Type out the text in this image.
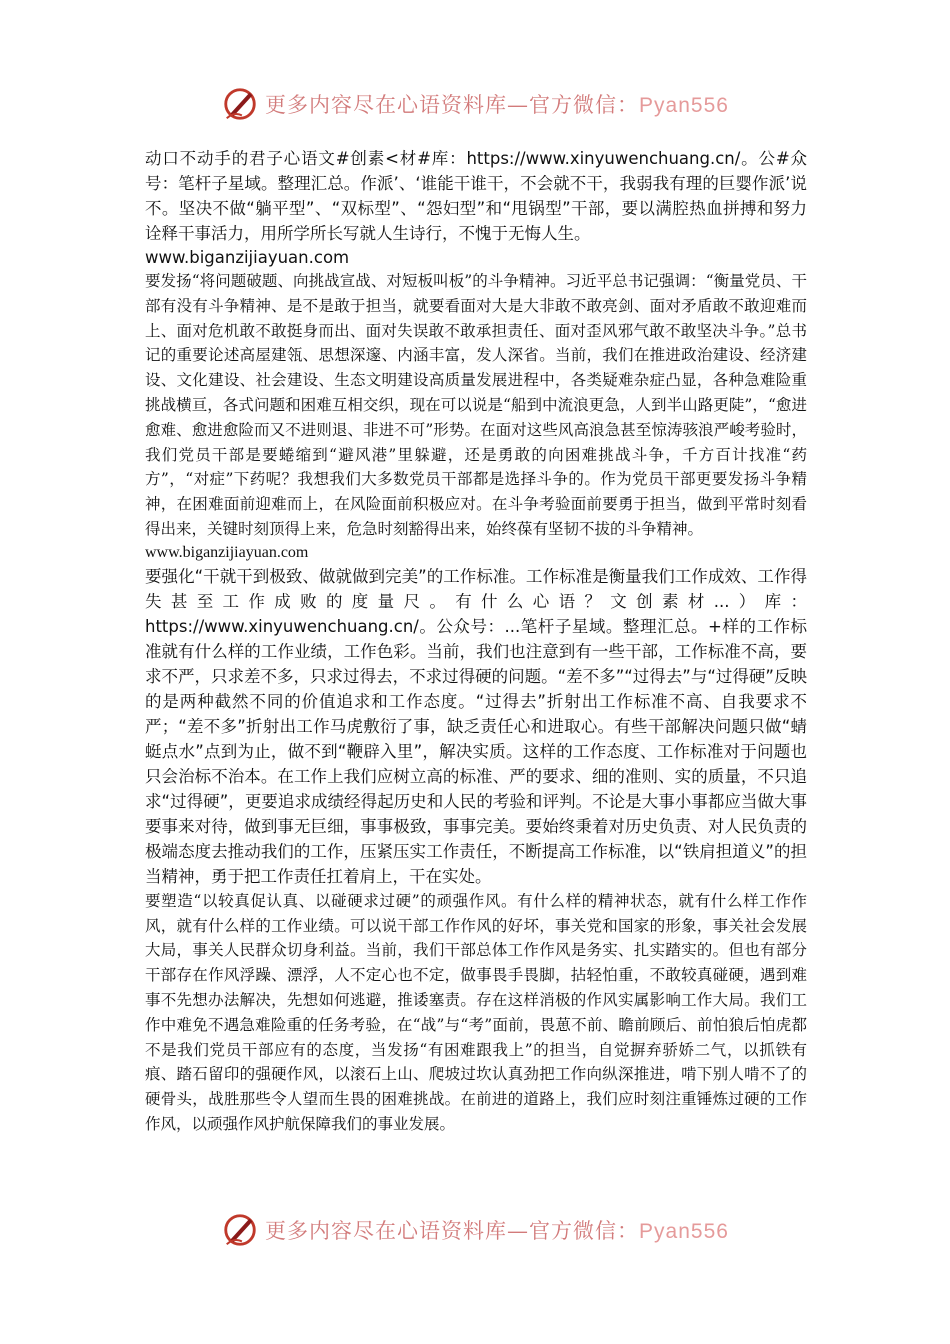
更多内容尽在心语资料库—官方微信：Pyan556

动口不动手的君子心语文#创素<材#库：https://www.xinyuwenchuang.cn/。公#众号：笔杆子星域。整理汇总。作派’、‘谁能干谁干，不会就不干，我弱我有理的巨婴作派’说不。坚决不做“躺平型”、“双标型”、“怨妇型”和“甩锅型”干部，要以满腔热血拼搏和努力诠释干事活力，用所学所长写就人生诗行，不愧于无悔人生。

www.biganzijiayuan.com

要发扬“将问题破题、向挑战宣战、对短板叫板”的斗争精神。习近平总书记强调：“衡量党员、干部有没有斗争精神、是不是敢于担当，就要看面对大是大非敢不敢亮剑、面对矛盾敢不敢迎难而上、面对危机敢不敢挺身而出、面对失误敢不敢承担责任、面对歪风邪气敢不敢坚决斗争。”总书记的重要论述高屋建瓴、思想深邃、内涵丰富，发人深省。当前，我们在推进政治建设、经济建设、文化建设、社会建设、生态文明建设高质量发展进程中，各类疑难杂症凸显，各种急难险重挑战横亘，各式问题和困难互相交织，现在可以说是“船到中流浪更急，人到半山路更陡”，“愈进愈难、愈进愈险而又不进则退、非进不可”形势。在面对这些风高浪急甚至惊涛骇浪严峻考验时，我们党员干部是要蜷缩到“避风港”里躲避，还是勇敢的向困难挑战斗争，千方百计找准“药方”，“对症”下药呢？我想我们大多数党员干部都是选择斗争的。作为党员干部更要发扬斗争精神，在困难面前迎难而上，在风险面前积极应对。在斗争考验面前要勇于担当，做到平常时刻看得出来，关键时刻顶得上来，危急时刻豁得出来，始终葆有坚韧不拔的斗争精神。

www.biganzijiayuan.com

要强化“干就干到极致、做就做到完美”的工作标准。工作标准是衡量我们工作成效、工作得失甚至工作成败的度量尺。有什么心语？文创素材...）库：https://www.xinyuwenchuang.cn/。公众号：...笔杆子星域。整理汇总。+样的工作标准就有什么样的工作业绩，工作色彩。当前，我们也注意到有一些干部，工作标准不高，要求不严，只求差不多，只求过得去，不求过得硬的问题。“差不多”“过得去”与“过得硬”反映的是两种截然不同的价值追求和工作态度。“过得去”折射出工作标准不高、自我要求不严；“差不多”折射出工作马虎敷衍了事，缺乏责任心和进取心。有些干部解决问题只做“蜻蜓点水”点到为止，做不到“鞭辟入里”，解决实质。这样的工作态度、工作标准对于问题也只会治标不治本。在工作上我们应树立高的标准、严的要求、细的准则、实的质量，不只追求“过得硬”，更要追求成绩经得起历史和人民的考验和评判。不论是大事小事都应当做大事要事来对待，做到事无巨细，事事极致，事事完美。要始终秉着对历史负责、对人民负责的极端态度去推动我们的工作，压紧压实工作责任，不断提高工作标准，以“铁肩担道义”的担当精神，勇于把工作责任扛着肩上，干在实处。

要塑造“以较真促认真、以碰硬求过硬”的顽强作风。有什么样的精神状态，就有什么样工作作风，就有什么样的工作业绩。可以说干部工作作风的好坏，事关党和国家的形象，事关社会发展大局，事关人民群众切身利益。当前，我们干部总体工作作风是务实、扎实踏实的。但也有部分干部存在作风浮躁、漂浮，人不定心也不定，做事畏手畏脚，拈轻怕重，不敢较真碰硬，遇到难事不先想办法解决，先想如何逃避，推诿塞责。存在这样消极的作风实属影响工作大局。我们工作中难免不遇急难险重的任务考验，在“战”与“考”面前，畏葸不前、瞻前顾后、前怕狼后怕虎都不是我们党员干部应有的态度，当发扬“有困难跟我上”的担当，自觉摒弃骄娇二气，以抓铁有痕、踏石留印的强硬作风，以滚石上山、爬坡过坎认真劲把工作向纵深推进，啃下别人啃不了的硬骨头，战胜那些令人望而生畏的困难挑战。在前进的道路上，我们应时刻注重锤炼过硬的工作作风，以顽强作风护航保障我们的事业发展。

更多内容尽在心语资料库—官方微信：Pyan556
